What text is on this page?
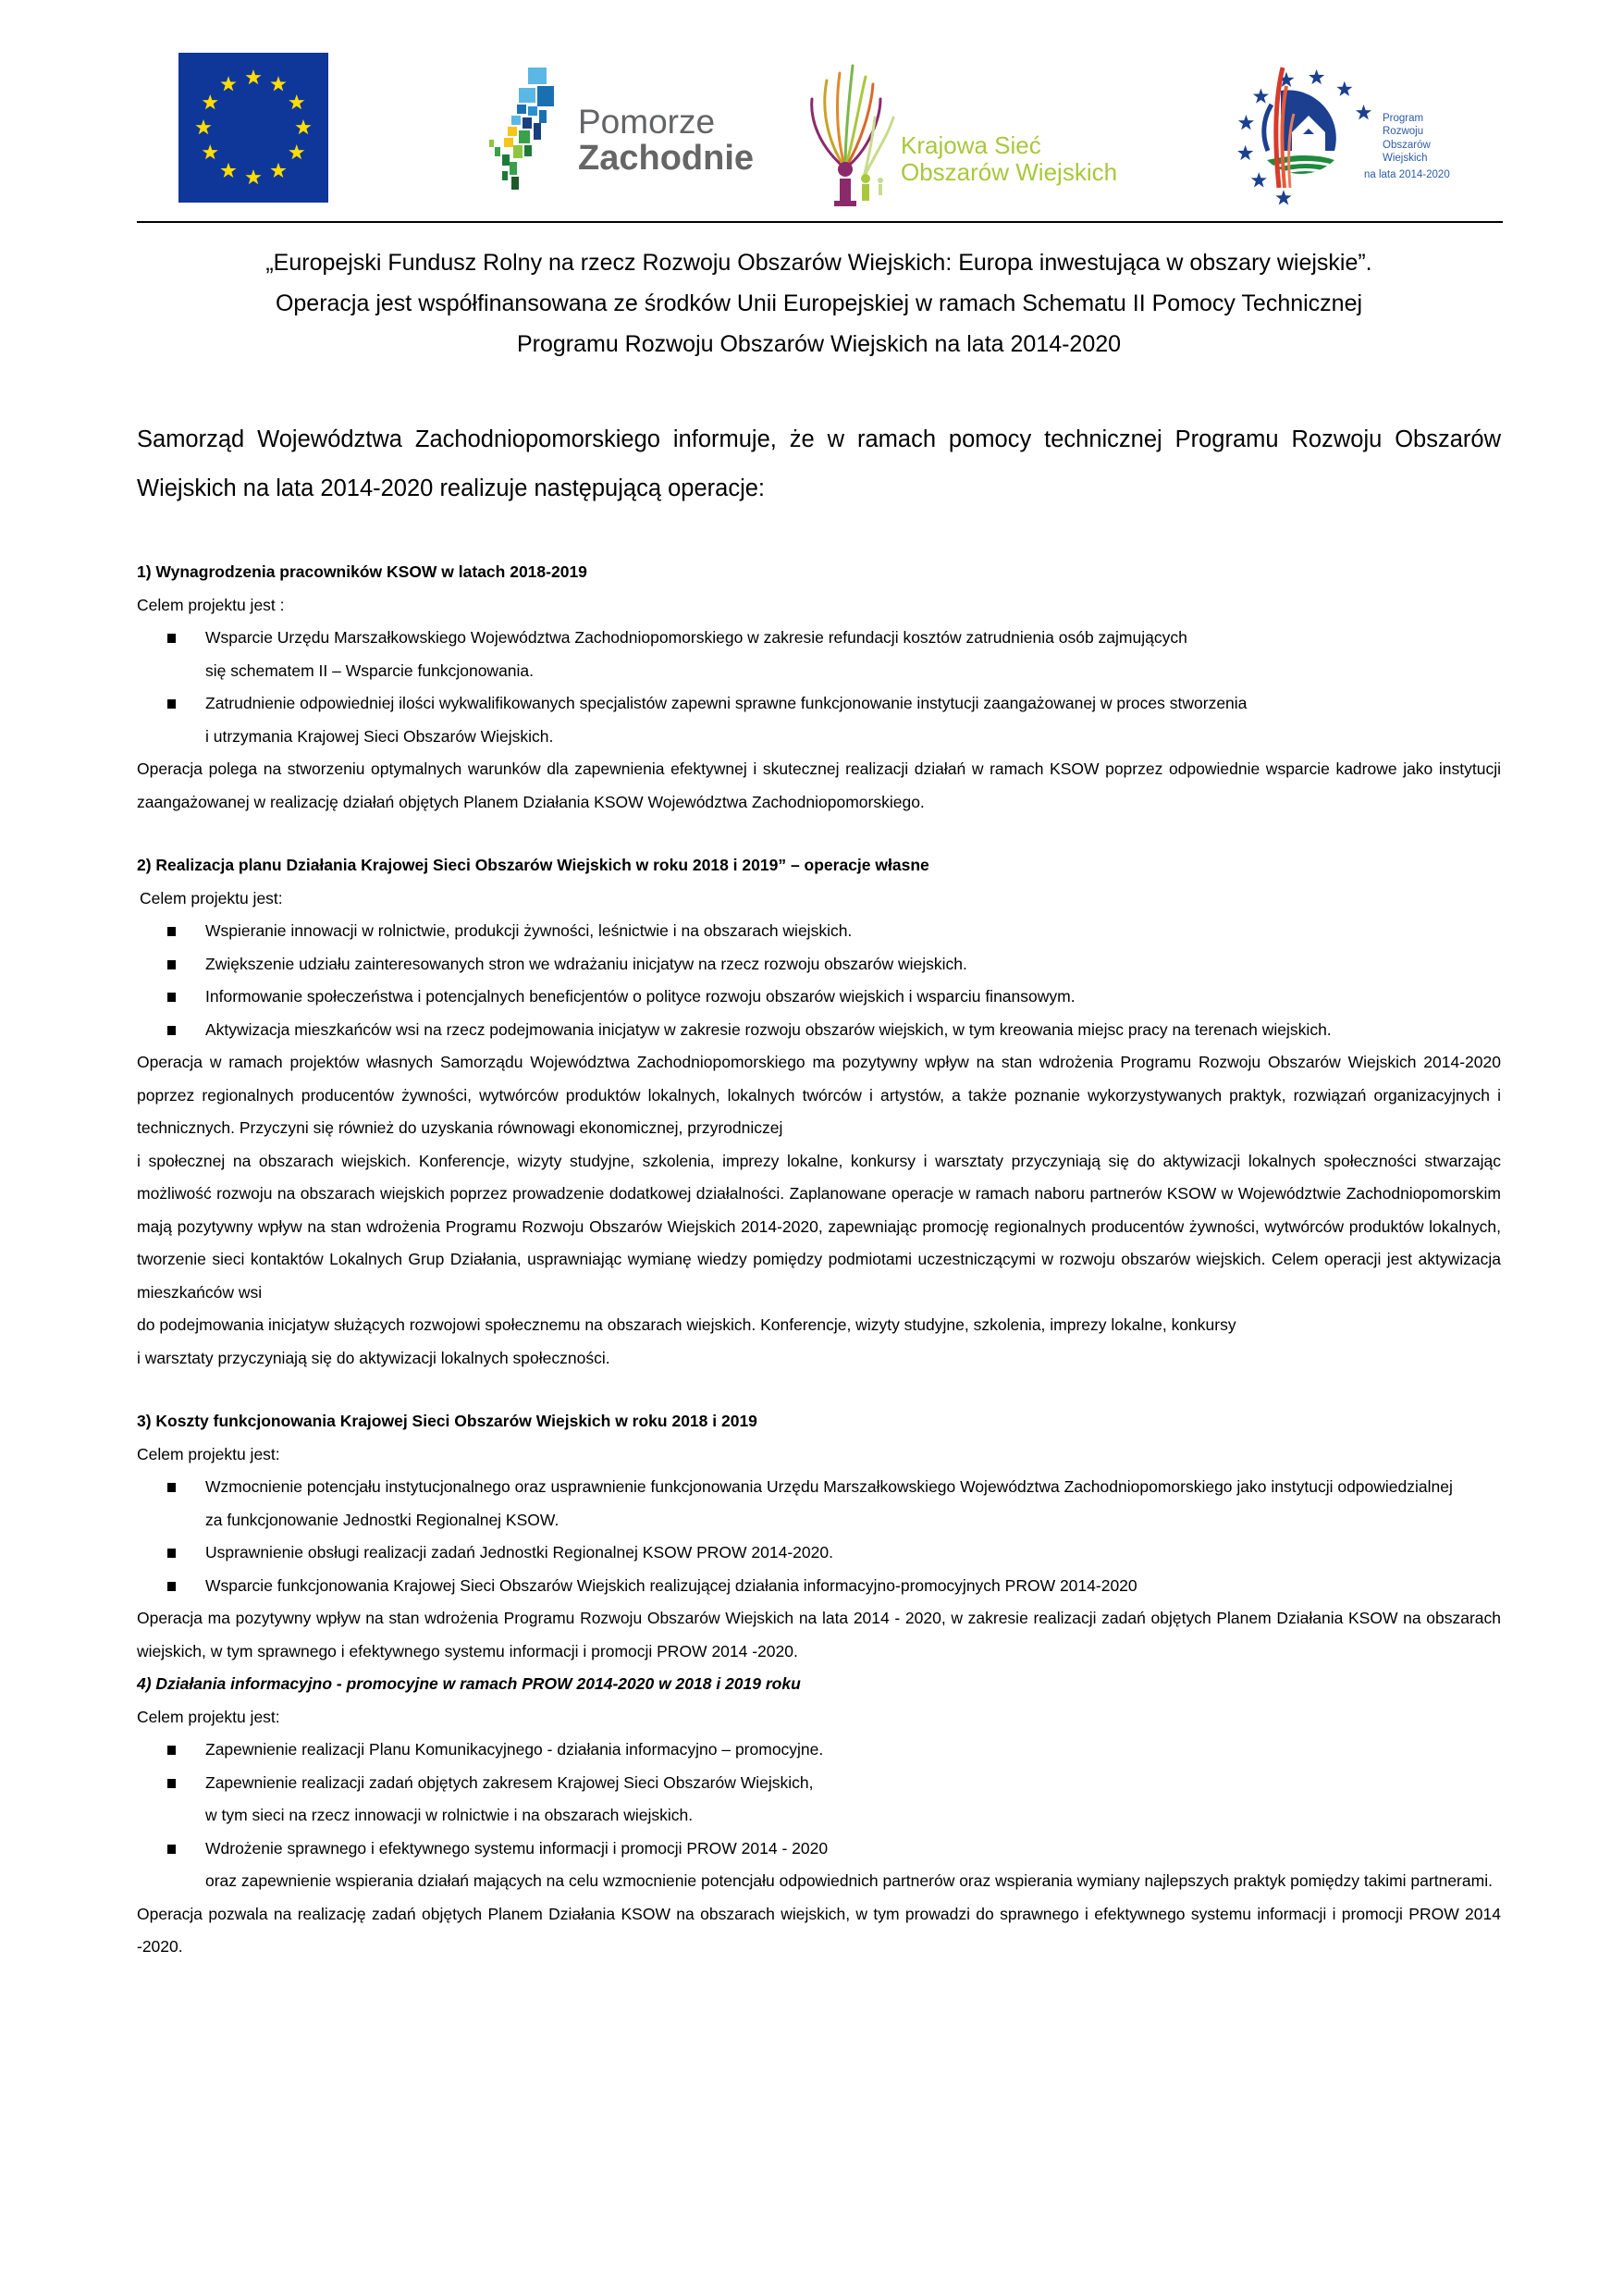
Pomorze
Zachodnie	Krajowa Sieć
Obszarów Wiejskich
Program
Rozwoju
Obszarów
Wiejskich
na lata 2014-2020

„Europejski Fundusz Rolny na rzecz Rozwoju Obszarów Wiejskich: Europa inwestująca w obszary wiejskie”.

Operacja jest współfinansowana ze środków Unii Europejskiej w ramach Schematu II Pomocy Technicznej

Programu Rozwoju Obszarów Wiejskich na lata 2014-2020

Samorząd Województwa Zachodniopomorskiego informuje, że w ramach pomocy technicznej Programu Rozwoju Obszarów Wiejskich na lata 2014-2020 realizuje następującą operacje:

1) Wynagrodzenia pracowników KSOW w latach 2018-2019

Celem projektu jest :

Wsparcie Urzędu Marszałkowskiego Województwa Zachodniopomorskiego w zakresie refundacji kosztów zatrudnienia osób zajmujących
się schematem II – Wsparcie funkcjonowania.
Zatrudnienie odpowiedniej ilości wykwalifikowanych specjalistów zapewni sprawne funkcjonowanie instytucji zaangażowanej w proces stworzenia
i utrzymania Krajowej Sieci Obszarów Wiejskich.

Operacja polega na stworzeniu optymalnych warunków dla zapewnienia efektywnej i skutecznej realizacji działań w ramach KSOW poprzez odpowiednie wsparcie kadrowe jako instytucji zaangażowanej w realizację działań objętych Planem Działania KSOW Województwa Zachodniopomorskiego.

2) Realizacja planu Działania Krajowej Sieci Obszarów Wiejskich w roku 2018 i 2019” – operacje własne

Celem projektu jest:

Wspieranie innowacji w rolnictwie, produkcji żywności, leśnictwie i na obszarach wiejskich.
Zwiększenie udziału zainteresowanych stron we wdrażaniu inicjatyw na rzecz rozwoju obszarów wiejskich.
Informowanie społeczeństwa i potencjalnych beneficjentów o polityce rozwoju obszarów wiejskich i wsparciu finansowym.
Aktywizacja mieszkańców wsi na rzecz podejmowania inicjatyw w zakresie rozwoju obszarów wiejskich, w tym kreowania miejsc pracy na terenach wiejskich.

Operacja w ramach projektów własnych Samorządu Województwa Zachodniopomorskiego ma pozytywny wpływ na stan wdrożenia Programu Rozwoju Obszarów Wiejskich 2014-2020 poprzez regionalnych producentów żywności, wytwórców produktów lokalnych, lokalnych twórców i artystów, a także poznanie wykorzystywanych praktyk, rozwiązań organizacyjnych i technicznych. Przyczyni się również do uzyskania równowagi ekonomicznej, przyrodniczej

i społecznej na obszarach wiejskich. Konferencje, wizyty studyjne, szkolenia, imprezy lokalne, konkursy i warsztaty przyczyniają się do aktywizacji lokalnych społeczności stwarzając możliwość rozwoju na obszarach wiejskich poprzez prowadzenie dodatkowej działalności. Zaplanowane operacje w ramach naboru partnerów KSOW w Województwie Zachodniopomorskim mają pozytywny wpływ na stan wdrożenia Programu Rozwoju Obszarów Wiejskich 2014-2020, zapewniając promocję regionalnych producentów żywności, wytwórców produktów lokalnych, tworzenie sieci kontaktów Lokalnych Grup Działania, usprawniając wymianę wiedzy pomiędzy podmiotami uczestniczącymi w rozwoju obszarów wiejskich. Celem operacji jest aktywizacja mieszkańców wsi

do podejmowania inicjatyw służących rozwojowi społecznemu na obszarach wiejskich. Konferencje, wizyty studyjne, szkolenia, imprezy lokalne, konkursy

i warsztaty przyczyniają się do aktywizacji lokalnych społeczności.

3) Koszty funkcjonowania Krajowej Sieci Obszarów Wiejskich w roku 2018 i 2019

Celem projektu jest:

Wzmocnienie potencjału instytucjonalnego oraz usprawnienie funkcjonowania Urzędu Marszałkowskiego Województwa Zachodniopomorskiego jako instytucji odpowiedzialnej
za funkcjonowanie Jednostki Regionalnej KSOW.
Usprawnienie obsługi realizacji zadań Jednostki Regionalnej KSOW PROW 2014-2020.
Wsparcie funkcjonowania Krajowej Sieci Obszarów Wiejskich realizującej działania informacyjno-promocyjnych PROW 2014-2020

Operacja ma pozytywny wpływ na stan wdrożenia Programu Rozwoju Obszarów Wiejskich na lata 2014 - 2020, w zakresie realizacji zadań objętych Planem Działania KSOW na obszarach wiejskich, w tym sprawnego i efektywnego systemu informacji i promocji PROW 2014 -2020.

4) Działania informacyjno - promocyjne w ramach PROW 2014-2020 w 2018 i 2019 roku

Celem projektu jest:

Zapewnienie realizacji Planu Komunikacyjnego - działania informacyjno – promocyjne.
Zapewnienie realizacji zadań objętych zakresem Krajowej Sieci Obszarów Wiejskich,
w tym sieci na rzecz innowacji w rolnictwie i na obszarach wiejskich.
Wdrożenie sprawnego i efektywnego systemu informacji i promocji PROW 2014 - 2020
oraz zapewnienie wspierania działań mających na celu wzmocnienie potencjału odpowiednich partnerów oraz wspierania wymiany najlepszych praktyk pomiędzy takimi partnerami.

Operacja pozwala na realizację zadań objętych Planem Działania KSOW na obszarach wiejskich, w tym prowadzi do sprawnego i efektywnego systemu informacji i promocji PROW 2014 -2020.
